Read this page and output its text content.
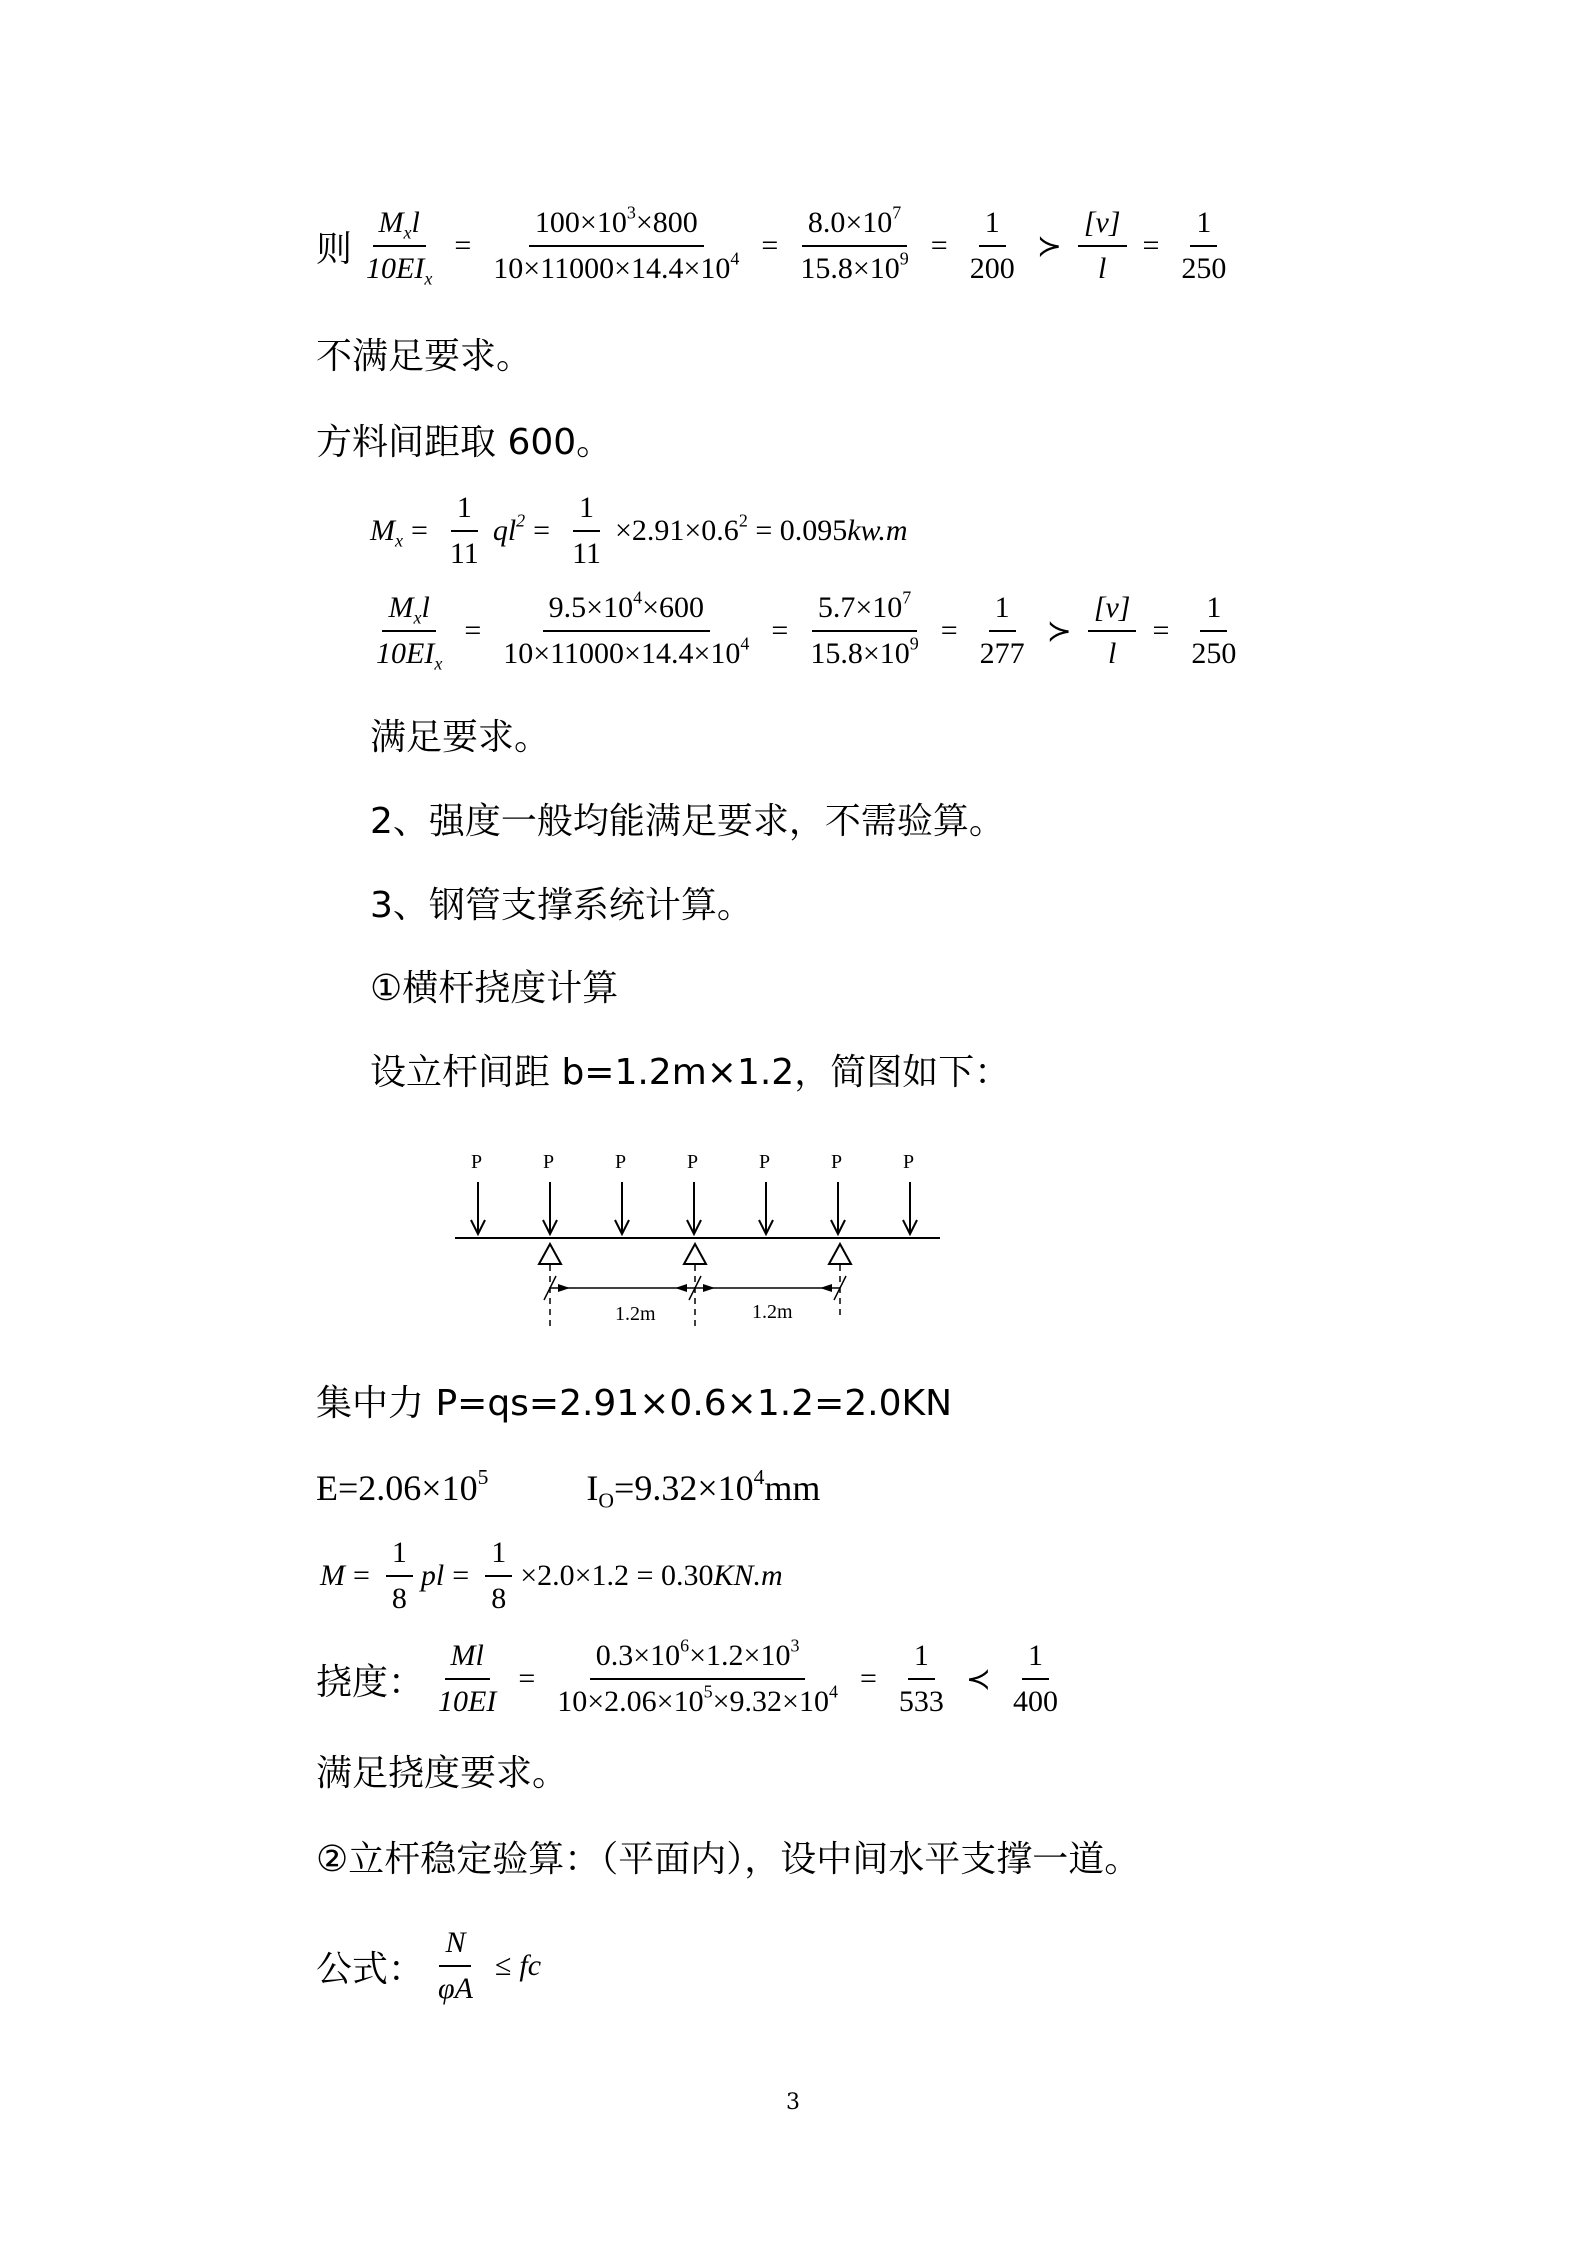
则 $\frac{M_xl}{10EI_x} = \frac{100\times 10^3\times 800}{10\times 11000\times 14.4\times 10^4} = \frac{8.0\times 10^7}{15.8\times 10^9} = \frac{1}{200}$ ≻ $\frac{[v]}{l} = \frac{1}{250}$
不满足要求。
方料间距取 600。
$M_x = \frac{1}{11} ql^2 = \frac{1}{11} \times 2.91\times 0.6^2 = 0.095kw.m$
$\frac{M_xl}{10EI_x} = \frac{9.5\times 10^4\times 600}{10\times 11000\times 14.4\times 10^4} = \frac{5.7\times 10^7}{15.8\times 10^9} = \frac{1}{277}$ ≻ $\frac{[v]}{l} = \frac{1}{250}$
满足要求。
2、强度一般均能满足要求，不需验算。
3、钢管支撑系统计算。
①横杆挠度计算
设立杆间距 b=1.2m×1.2，简图如下：
P	P	P	P	P	P	P
1.2m	1.2m
集中力 P=qs=2.91×0.6×1.2=2.0KN
$E=2.06\times 10^5$	$I_O=9.32\times 10^4mm$
$M = \frac{1}{8}$ pl = $\frac{1}{8} \times 2.0\times 1.2 = 0.30KN.m$
挠度： $\frac{Ml}{10EI} = \frac{0.3\times 10^6\times 1.2\times 10^3}{10\times 2.06\times 10^5\times 9.32\times 10^4} = \frac{1}{533}$ ≺ $\frac{1}{400}$
满足挠度要求。
②立杆稳定验算：（平面内），设中间水平支撑一道。
公式： $\frac{N}{\varphi A}$ ≤ fc
3
